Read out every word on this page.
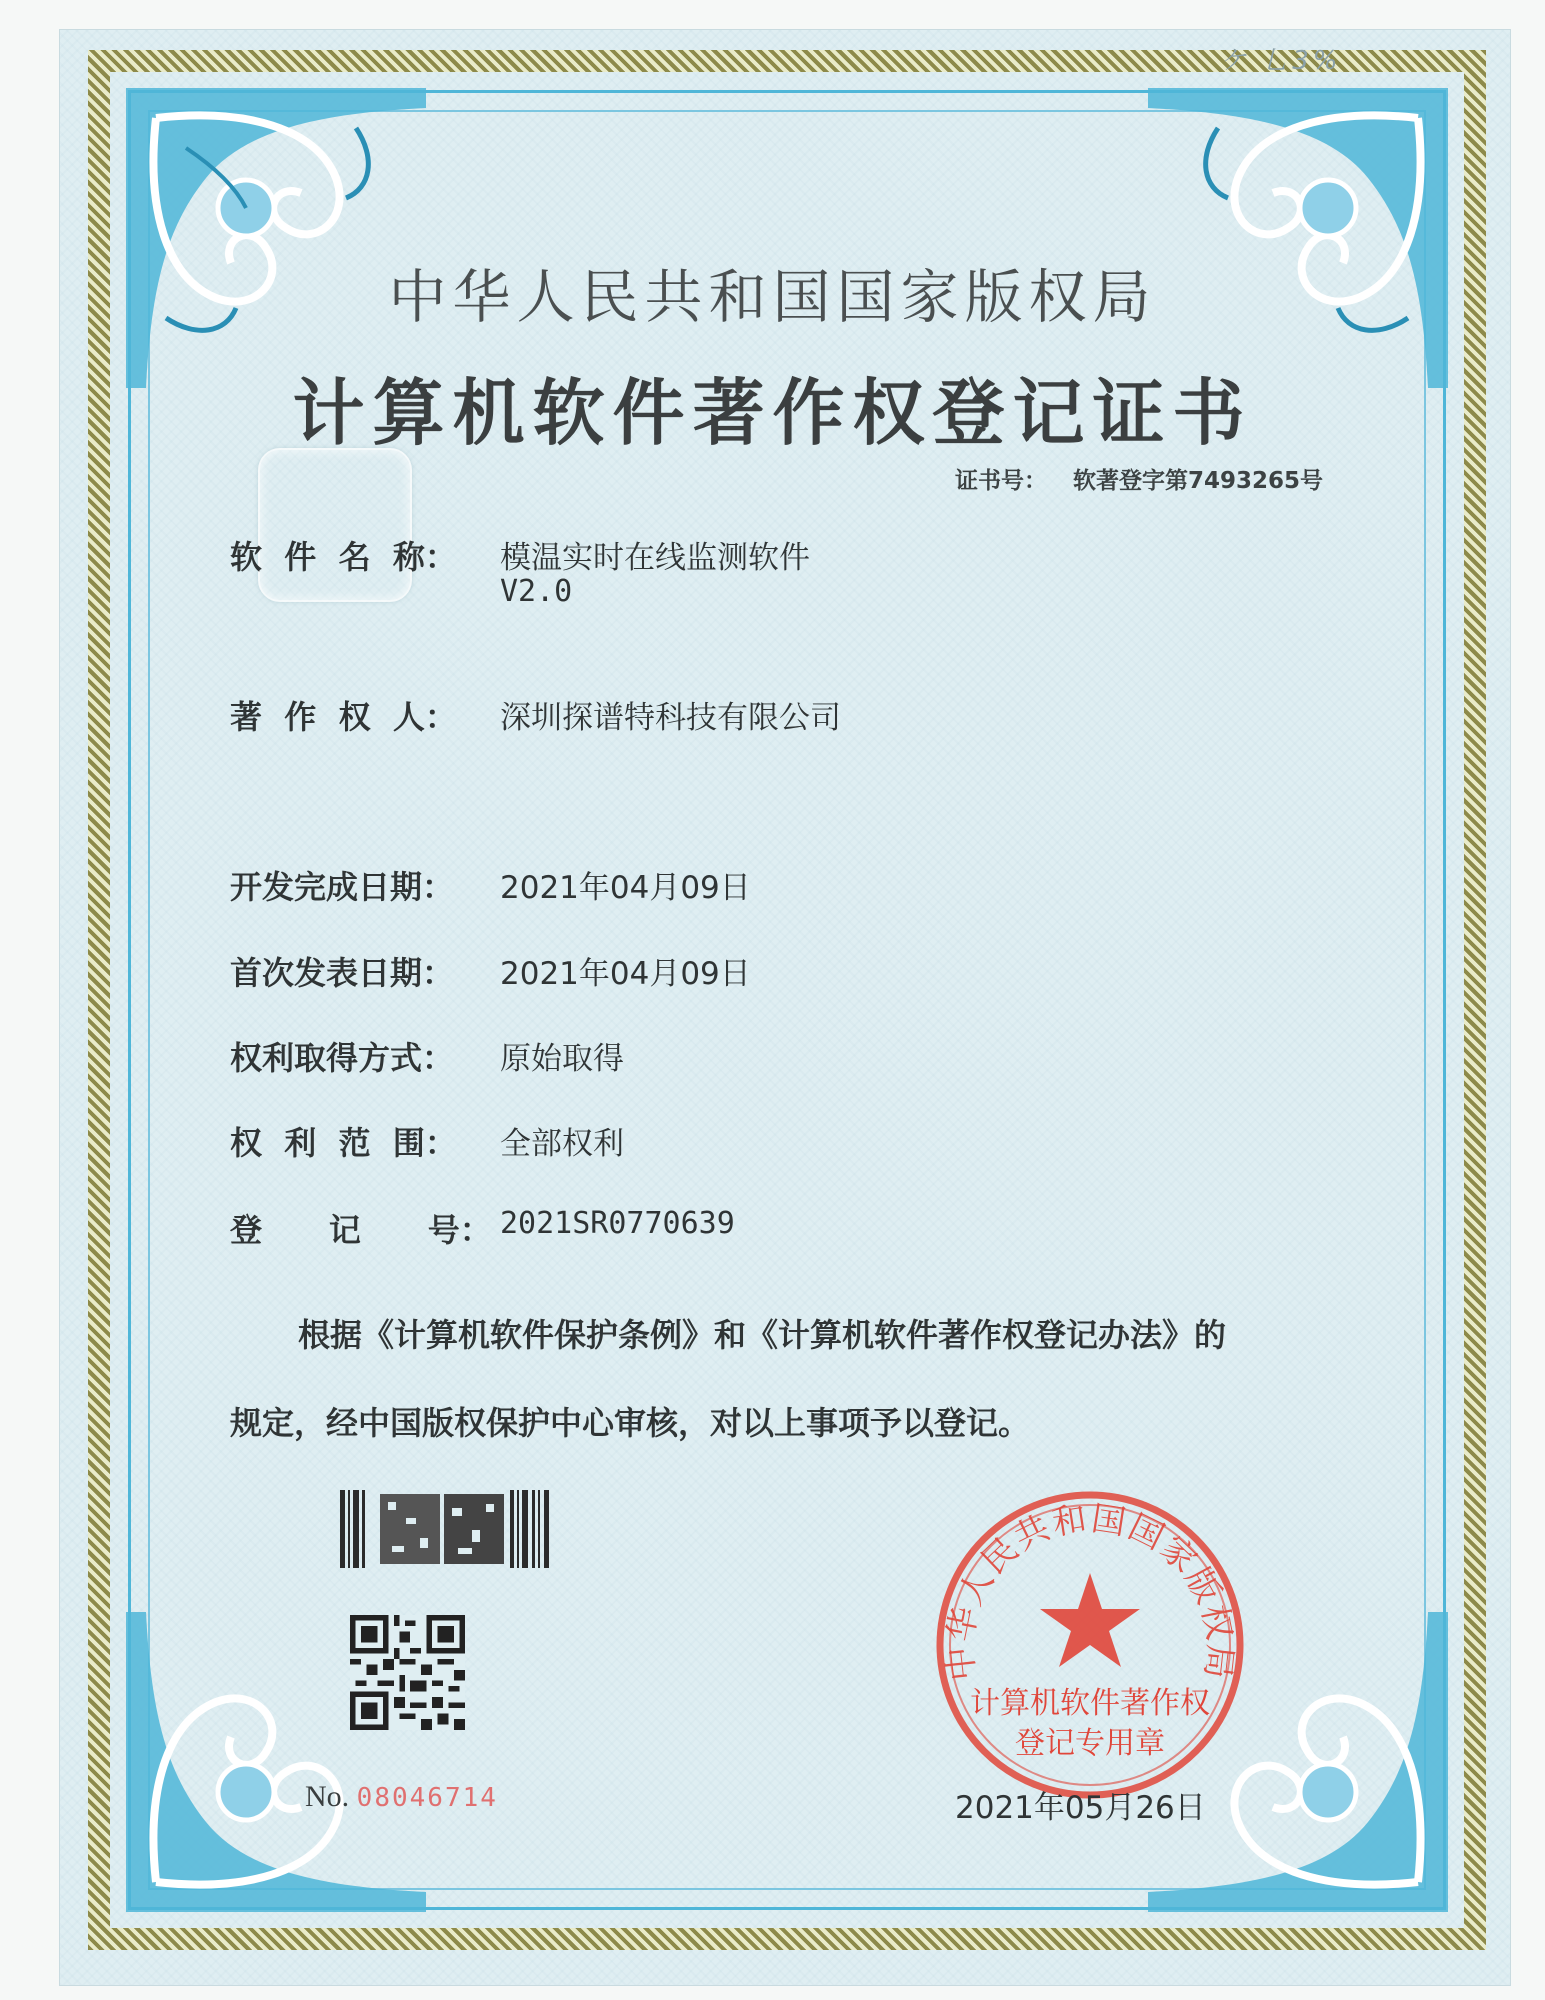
ケ 乚3%
中华人民共和国国家版权局
计算机软件著作权登记证书
证书号： 软著登字第7493265号
软  件  名  称： 模温实时在线监测软件
V2.0
著  作  权  人： 深圳探谱特科技有限公司
开发完成日期： 2021年04月09日
首次发表日期： 2021年04月09日
权利取得方式： 原始取得
权  利  范  围： 全部权利
登      记      号： 2021SR0770639
根据《计算机软件保护条例》和《计算机软件著作权登记办法》的
规定，经中国版权保护中心审核，对以上事项予以登记。
No. 08046714
中华人民共和国国家版权局
计算机软件著作权
登记专用章
2021年05月26日
